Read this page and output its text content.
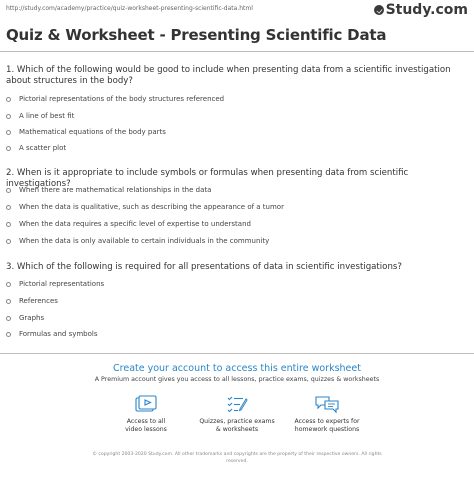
http://study.com/academy/practice/quiz-worksheet-presenting-scientific-data.html	Study.com
Quiz & Worksheet - Presenting Scientific Data
1. Which of the following would be good to include when presenting data from a scientific investigation about structures in the body?
Pictorial representations of the body structures referenced
A line of best fit
Mathematical equations of the body parts
A scatter plot
2. When is it appropriate to include symbols or formulas when presenting data from scientific investigations?
When there are mathematical relationships in the data
When the data is qualitative, such as describing the appearance of a tumor
When the data requires a specific level of expertise to understand
When the data is only available to certain individuals in the community
3. Which of the following is required for all presentations of data in scientific investigations?
Pictorial representations
References
Graphs
Formulas and symbols
Create your account to access this entire worksheet
A Premium account gives you access to all lessons, practice exams, quizzes & worksheets
Access to all
video lessons
Quizzes, practice exams
& worksheets
Access to experts for
homework questions
© copyright 2003-2020 Study.com. All other trademarks and copyrights are the property of their respective owners. All rights
reserved.
